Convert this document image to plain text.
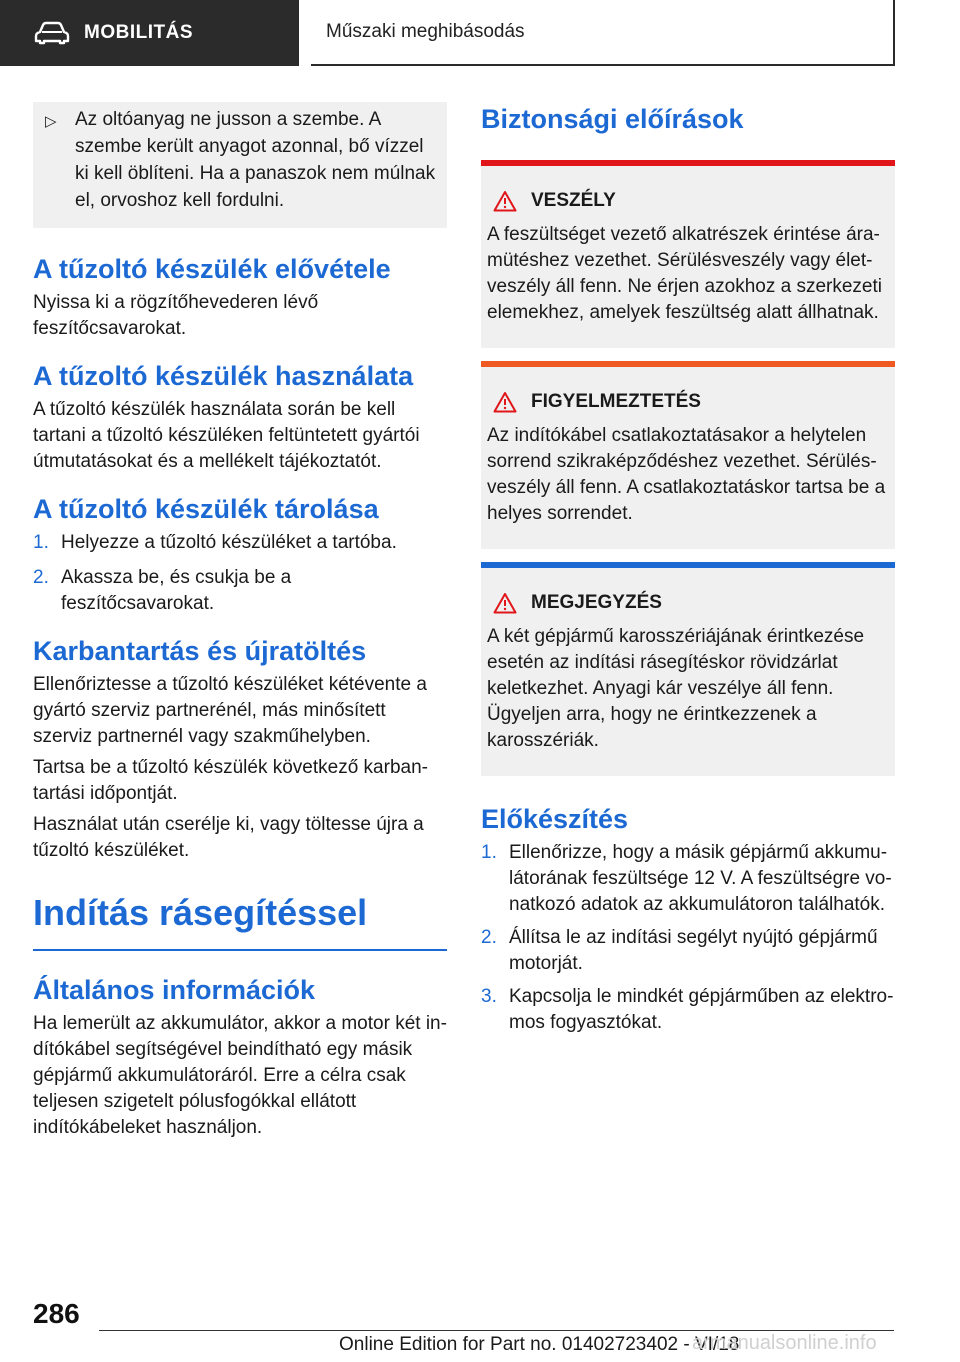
MOBILITÁS	Műszaki meghibásodás
▷ Az oltóanyag ne jusson a szembe. A szembe került anyagot azonnal, bő vízzel ki kell öblíteni. Ha a panaszok nem múlnak el, orvoshoz kell fordulni.
A tűzoltó készülék elővétele

Nyissa ki a rögzítőhevederen lévő feszítőcsavarokat.

A tűzoltó készülék használata

A tűzoltó készülék használata során be kell tartani a tűzoltó készüléken feltüntetett gyártói útmutatásokat és a mellékelt tájékoztatót.

A tűzoltó készülék tárolása
1. Helyezze a tűzoltó készüléket a tartóba.
2. Akassza be, és csukja be a feszítőcsavarokat.
Karbantartás és újratöltés

Ellenőriztesse a tűzoltó készüléket kétévente a gyártó szerviz partnerénél, más minősített szerviz partnernél vagy szakműhelyben.

Tartsa be a tűzoltó készülék következő karbantartási időpontját.

Használat után cserélje ki, vagy töltesse újra a tűzoltó készüléket.

Indítás rásegítéssel
Általános információk

Ha lemerült az akkumulátor, akkor a motor két indítókábel segítségével beindítható egy másik gépjármű akkumulátoráról. Erre a célra csak teljesen szigetelt pólusfogókkal ellátott indítókábeleket használjon.

Biztonsági előírások
VESZÉLY
A feszültséget vezető alkatrészek érintése áramütéshez vezethet. Sérülésveszély vagy életveszély áll fenn. Ne érjen azokhoz a szerkezeti elemekhez, amelyek feszültség alatt állhatnak.
FIGYELMEZTETÉS
Az indítókábel csatlakoztatásakor a helytelen sorrend szikraképződéshez vezethet. Sérülésveszély áll fenn. A csatlakoztatáskor tartsa be a helyes sorrendet.
MEGJEGYZÉS
A két gépjármű karosszériájának érintkezése esetén az indítási rásegítéskor rövidzárlat keletkezhet. Anyagi kár veszélye áll fenn. Ügyeljen arra, hogy ne érintkezzenek a karosszériák.
Előkészítés
1. Ellenőrizze, hogy a másik gépjármű akkumulátorának feszültsége 12 V. A feszültségre vonatkozó adatok az akkumulátoron találhatók.
2. Állítsa le az indítási segélyt nyújtó gépjármű motorját.
3. Kapcsolja le mindkét gépjárműben az elektromos fogyasztókat.
286
Online Edition for Part no. 01402723402 - VI/18
armanualsonline.info
